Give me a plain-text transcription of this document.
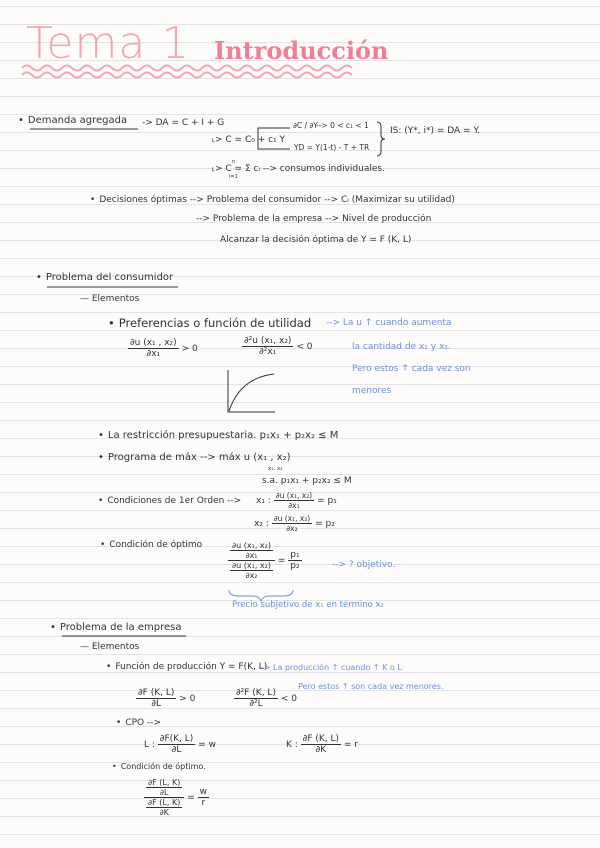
Tema 1 Introducción
• Demanda agregada -> DA = C + I + G
˪> C = C₀ + c₁ Y
∂C / ∂Y
--> 0 < c₁ < 1
YD = Y(1-t) - T + TR
IS: (Y*, i*) = DA = Y.
˪> C = Σ cᵢ --> consumos individuales.
n
i=1
• Decisiones óptimas --> Problema del consumidor --> Cᵢ (Maximizar su utilidad)
--> Problema de la empresa --> Nivel de producción
Alcanzar la decisión óptima de Y = F (K, L)
• Problema del consumidor
— Elementos
• Preferencias o función de utilidad --> La u ↑ cuando aumenta
la cantidad de x₁ y x₂.
Pero estos ↑ cada vez son
menores
$\frac{\text{∂u (x₁ , x₂)}}{\text{∂x₁}} > 0$	$\frac{\text{∂²u (x₁, x₂)}}{\text{∂²x₁}} < 0$
• La restricción presupuestaria. p₁x₁ + p₂x₂ ≤ M
• Programa de máx --> máx u (x₁ , x₂)
x₁, x₂
s.a. p₁x₁ + p₂x₂ ≤ M
• Condiciones de 1er Orden --> x₁ : $\frac{\text{∂u (x₁, x₂)}}{\text{∂x₁}} = p_1$
x₂ : $\frac{\text{∂u (x₁, x₂)}}{\text{∂x₂}} = p_2$
• Condición de óptimo	$\frac{\frac{\text{∂u (x₁, x₂)}}{\text{∂x₁}}}{\frac{\text{∂u (x₁, x₂)}}{\text{∂x₂}}} = \frac{\text{p₁}}{\text{p₂}}$	--> ? objetivo.
Precio subjetivo de x₁ en término x₂
• Problema de la empresa
— Elementos
• Función de producción Y = F(K, L)
--> La producción ↑ cuando ↑ K o L
Pero estos ↑ son cada vez menores.
$\frac{\partial F (K, L)}{\partial L} > 0$	$\frac{\text{∂²F (K, L)}}{\text{∂²L}} < 0$
• CPO -->
L : $\frac{\partial F(K, L)}{\partial L} = w$	K : $\frac{\partial F (K, L)}{\partial K} = r$
• Condición de óptimo.
$\frac{\frac{\partial F (L, K)}{\partial L}}{\frac{\partial F (L, K)}{\partial K}} = \frac{w}{r}$
